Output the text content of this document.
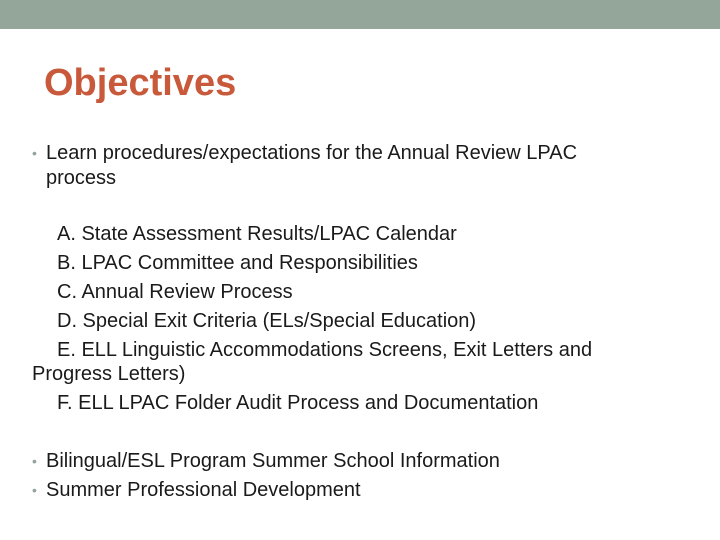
Objectives
• Learn procedures/expectations for the Annual Review LPAC
process
A. State Assessment Results/LPAC Calendar
B. LPAC Committee and Responsibilities
C. Annual Review Process
D. Special Exit Criteria (ELs/Special Education)
E. ELL Linguistic Accommodations Screens, Exit Letters and
Progress Letters)
F. ELL LPAC Folder Audit Process and Documentation
• Bilingual/ESL Program Summer School Information
• Summer Professional Development
